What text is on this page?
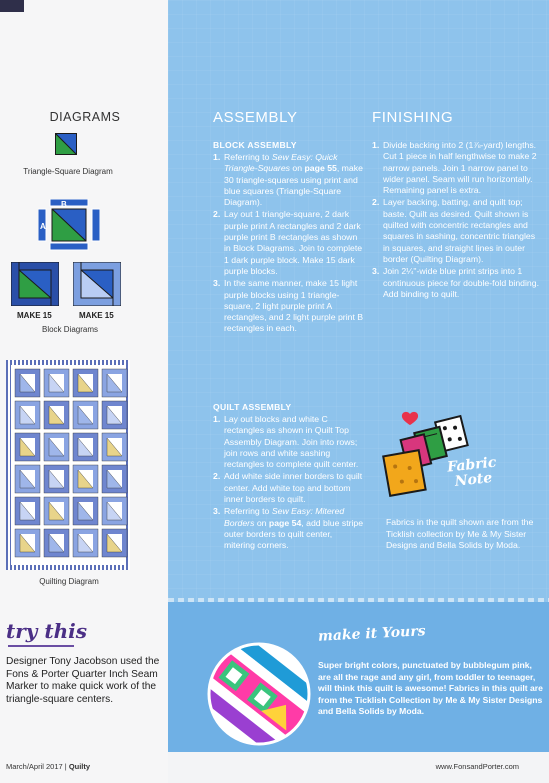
DIAGRAMS
Triangle-Square Diagram
B
A
MAKE 15	MAKE 15
Block Diagrams
Quilting Diagram
try this
Designer Tony Jacobson used the Fons & Porter Quarter Inch Seam Marker to make quick work of the triangle-square centers.
March/April 2017 | Quilty
ASSEMBLY
BLOCK ASSEMBLY
1. Referring to Sew Easy: Quick Triangle-Squares on page 55, make 30 triangle-squares using print and blue squares (Triangle-Square Diagram).
2. Lay out 1 triangle-square, 2 dark purple print A rectangles and 2 dark purple print B rectangles as shown in Block Diagrams. Join to complete 1 dark purple block. Make 15 dark purple blocks.
3. In the same manner, make 15 light purple blocks using 1 triangle-square, 2 light purple print A rectangles, and 2 light purple print B rectangles in each.
QUILT ASSEMBLY
1. Lay out blocks and white C rectangles as shown in Quilt Top Assembly Diagram. Join into rows; join rows and white sashing rectangles to complete quilt center.
2. Add white side inner borders to quilt center. Add white top and bottom inner borders to quilt.
3. Referring to Sew Easy: Mitered Borders on page 54, add blue stripe outer borders to quilt center, mitering corners.
FINISHING
1. Divide backing into 2 (1⅞-yard) lengths. Cut 1 piece in half lengthwise to make 2 narrow panels. Join 1 narrow panel to wider panel. Seam will run horizontally. Remaining panel is extra.
2. Layer backing, batting, and quilt top; baste. Quilt as desired. Quilt shown is quilted with concentric rectangles and squares in sashing, concentric triangles in squares, and straight lines in outer border (Quilting Diagram).
3. Join 2¼"-wide blue print strips into 1 continuous piece for double-fold binding. Add binding to quilt.
Fabric
Note
Fabrics in the quilt shown are from the Ticklish collection by Me & My Sister Designs and Bella Solids by Moda.
make it Yours
Super bright colors, punctuated by bubblegum pink, are all the rage and any girl, from toddler to teenager, will think this quilt is awesome! Fabrics in this quilt are from the Ticklish Collection by Me & My Sister Designs and Bella Solids by Moda.
www.FonsandPorter.com
